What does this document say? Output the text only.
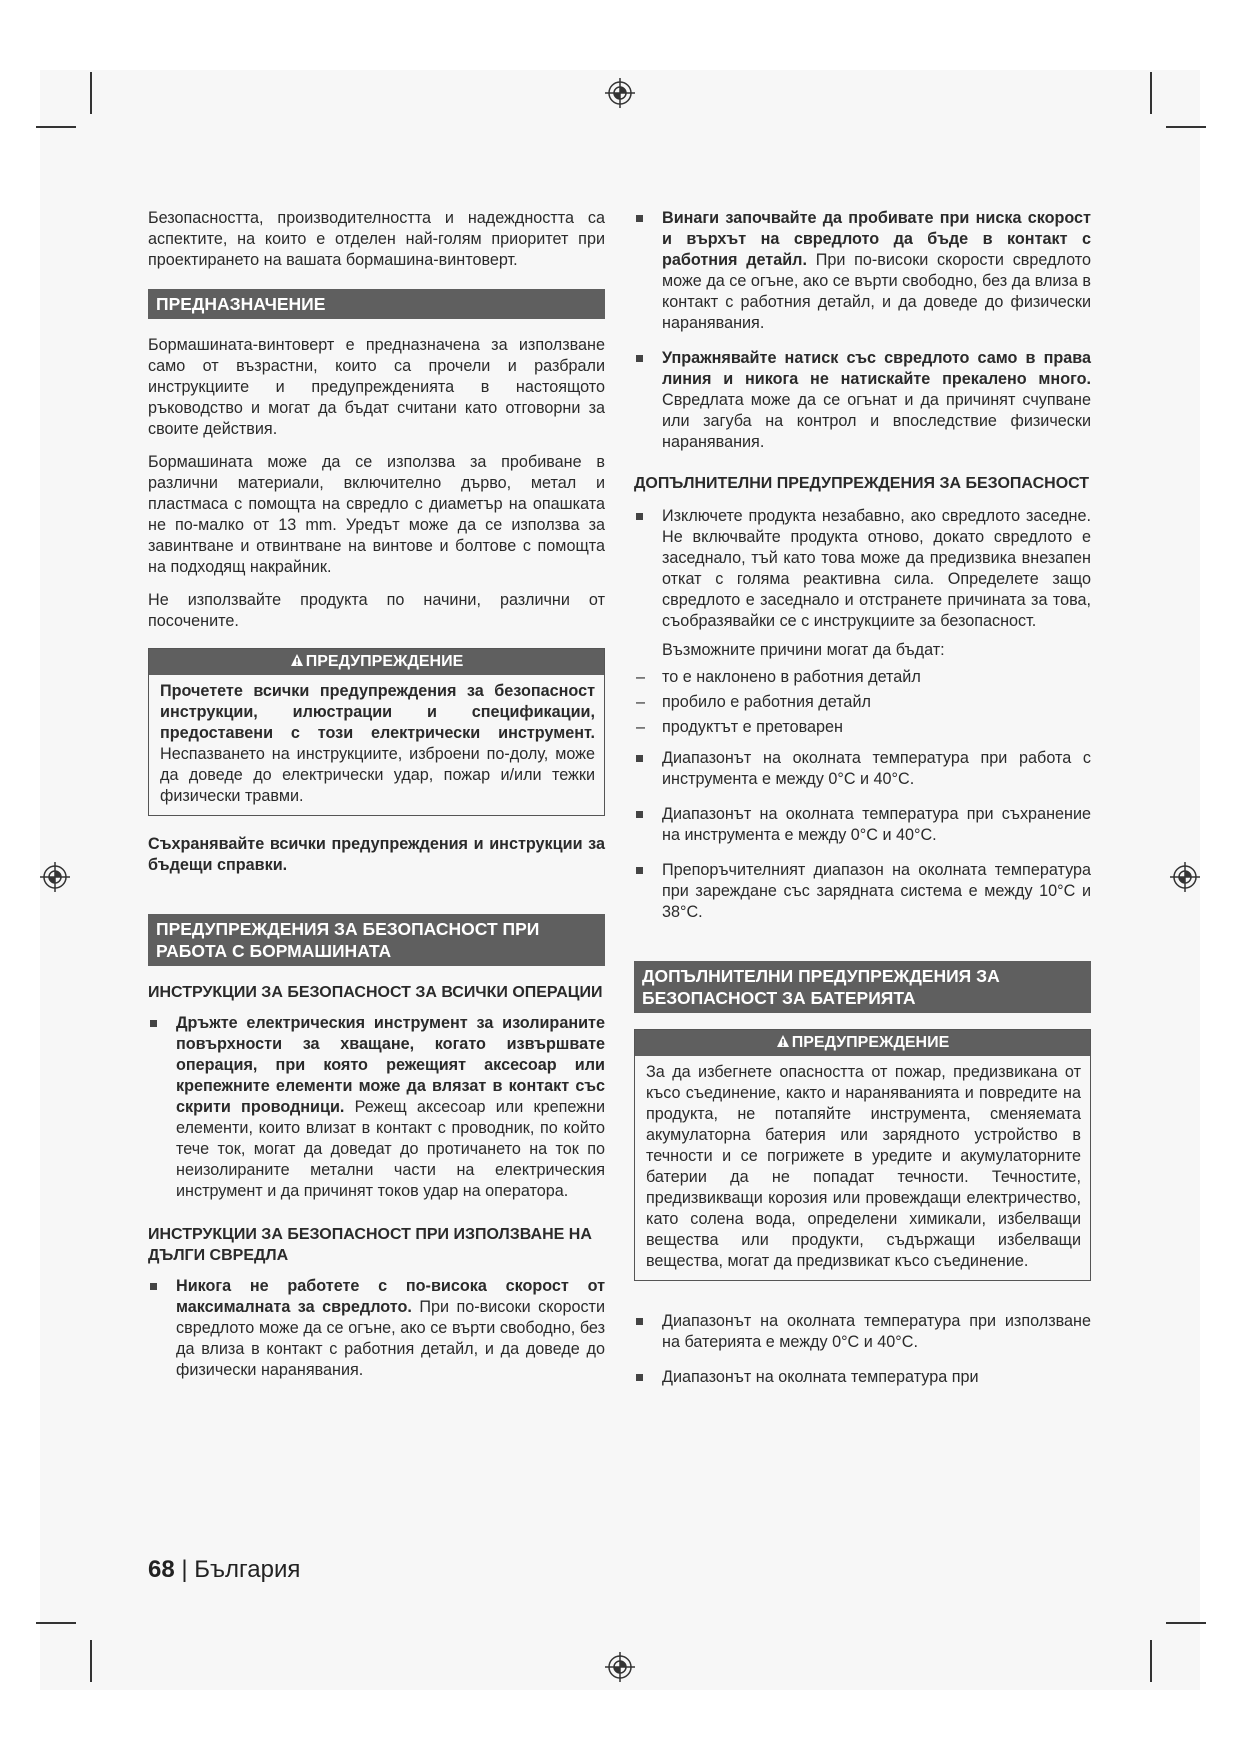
Безопасността, производителността и надеждността са аспектите, на които е отделен най-голям приоритет при проектирането на вашата бормашина-винтоверт.

ПРЕДНАЗНАЧЕНИЕ

Бормашината-винтоверт е предназначена за използване само от възрастни, които са прочели и разбрали инструкциите и предупрежденията в настоящото ръководство и могат да бъдат считани като отговорни за своите действия.

Бормашината може да се използва за пробиване в различни материали, включително дърво, метал и пластмаса с помощта на свредло с диаметър на опашката не по-малко от 13 mm. Уредът може да се използва за завинтване и отвинтване на винтове и болтове с помощта на подходящ накрайник.

Не използвайте продукта по начини, различни от посочените.

ПРЕДУПРЕЖДЕНИЕ
Прочетете всички предупреждения за безопасност инструкции, илюстрации и спецификации, предоставени с този електрически инструмент. Неспазването на инструкциите, изброени по-долу, може да доведе до електрически удар, пожар и/или тежки физически травми.

Съхранявайте всички предупреждения и инструкции за бъдещи справки.

ПРЕДУПРЕЖДЕНИЯ ЗА БЕЗОПАСНОСТ ПРИ РАБОТА С БОРМАШИНАТА

ИНСТРУКЦИИ ЗА БЕЗОПАСНОСТ ЗА ВСИЧКИ ОПЕРАЦИИ

Дръжте електрическия инструмент за изолираните повърхности за хващане, когато извършвате операция, при която режещият аксесоар или крепежните елементи може да влязат в контакт със скрити проводници. Режещ аксесоар или крепежни елементи, които влизат в контакт с проводник, по който тече ток, могат да доведат до протичането на ток по неизолираните метални части на електрическия инструмент и да причинят токов удар на оператора.

ИНСТРУКЦИИ ЗА БЕЗОПАСНОСТ ПРИ ИЗПОЛЗВАНЕ НА ДЪЛГИ СВРЕДЛА

Никога не работете с по-висока скорост от максималната за свредлото. При по-високи скорости свредлото може да се огъне, ако се върти свободно, без да влиза в контакт с работния детайл, и да доведе до физически наранявания.
Винаги започвайте да пробивате при ниска скорост и върхът на свредлото да бъде в контакт с работния детайл. При по-високи скорости свредлото може да се огъне, ако се върти свободно, без да влиза в контакт с работния детайл, и да доведе до физически наранявания.
Упражнявайте натиск със свредлото само в права линия и никога не натискайте прекалено много. Свредлата може да се огънат и да причинят счупване или загуба на контрол и впоследствие физически наранявания.

ДОПЪЛНИТЕЛНИ ПРЕДУПРЕЖДЕНИЯ ЗА БЕЗОПАСНОСТ

Изключете продукта незабавно, ако свредлото заседне. Не включвайте продукта отново, докато свредлото е заседнало, тъй като това може да предизвика внезапен откат с голяма реактивна сила. Определете защо свредлото е заседнало и отстранете причината за това, съобразявайки се с инструкциите за безопасност.

Възможните причини могат да бъдат:

– то е наклонено в работния детайл
– пробило е работния детайл
– продуктът е претоварен
Диапазонът на околната температура при работа с инструмента е между 0°C и 40°C.
Диапазонът на околната температура при съхранение на инструмента е между 0°C и 40°C.
Препоръчителният диапазон на околната температура при зареждане със зарядната система е между 10°C и 38°C.
ДОПЪЛНИТЕЛНИ ПРЕДУПРЕЖДЕНИЯ ЗА БЕЗОПАСНОСТ ЗА БАТЕРИЯТА
ПРЕДУПРЕЖДЕНИЕ
За да избегнете опасността от пожар, предизвикана от късо съединение, както и нараняванията и повредите на продукта, не потапяйте инструмента, сменяемата акумулаторна батерия или зарядното устройство в течности и се погрижете в уредите и акумулаторните батерии да не попадат течности. Течностите, предизвикващи корозия или провеждащи електричество, като солена вода, определени химикали, избелващи вещества или продукти, съдържащи избелващи вещества, могат да предизвикат късо съединение.
Диапазонът на околната температура при използване на батерията е между 0°C и 40°C.
Диапазонът на околната температура при
68 | България
